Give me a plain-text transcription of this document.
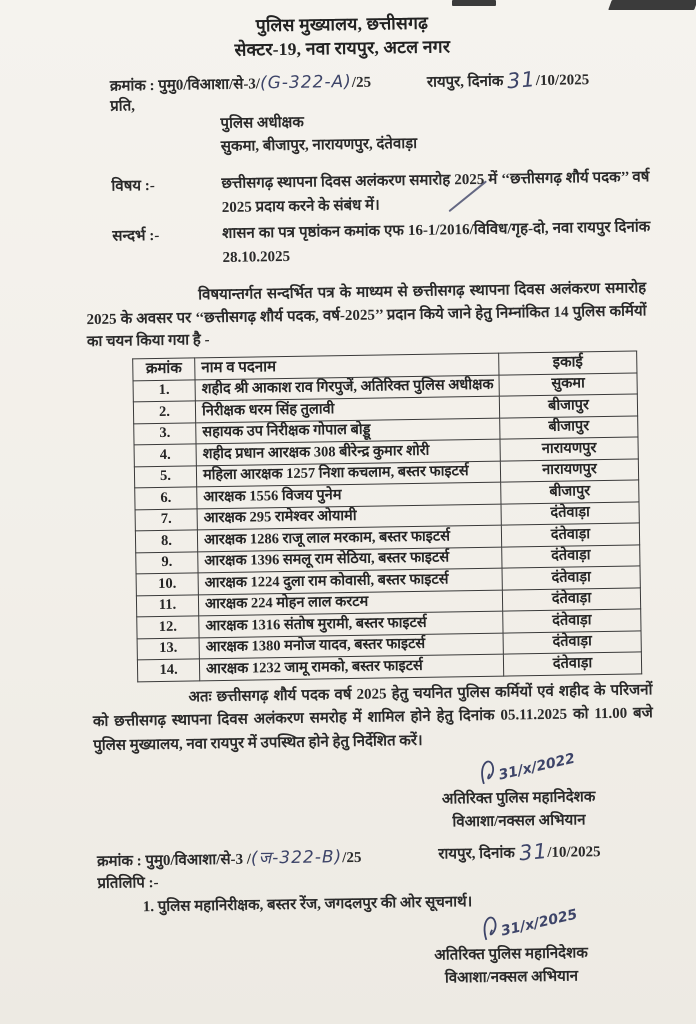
पुलिस मुख्यालय, छत्तीसगढ़
सेक्टर-19, नवा रायपुर, अटल नगर
क्रमांक : पुमु0/विआशा/से-3/(G-322-A)/25	रायपुर, दिनांक 31/10/2025
प्रति,
पुलिस अधीक्षक
सुकमा, बीजापुर, नारायणपुर, दंतेवाड़ा
विषय :-	छत्तीसगढ़ स्थापना दिवस अलंकरण समारोह 2025 में ‘‘छत्तीसगढ़ शौर्य पदक’’ वर्ष 2025 प्रदाय करने के संबंध में।
सन्दर्भ :-	शासन का पत्र पृष्ठांकन कमांक एफ 16-1/2016/विविध/गृह-दो, नवा रायपुर दिनांक 28.10.2025
विषयान्तर्गत सन्दर्भित पत्र के माध्यम से छत्तीसगढ़ स्थापना दिवस अलंकरण समारोह 2025 के अवसर पर ‘‘छत्तीसगढ़ शौर्य पदक, वर्ष-2025’’ प्रदान किये जाने हेतु निम्नांकित 14 पुलिस कर्मियों का चयन किया गया है -
क्रमांक	नाम व पदनाम	इकाई
1.	शहीद श्री आकाश राव गिरपुजें, अतिरिक्त पुलिस अधीक्षक	सुकमा
2.	निरीक्षक धरम सिंह तुलावी	बीजापुर
3.	सहायक उप निरीक्षक गोपाल बोड्डू	बीजापुर
4.	शहीद प्रधान आरक्षक 308 बीरेन्द्र कुमार शोरी	नारायणपुर
5.	महिला आरक्षक 1257 निशा कचलाम, बस्तर फाइटर्स	नारायणपुर
6.	आरक्षक 1556 विजय पुनेम	बीजापुर
7.	आरक्षक 295 रामेश्वर ओयामी	दंतेवाड़ा
8.	आरक्षक 1286 राजू लाल मरकाम, बस्तर फाइटर्स	दंतेवाड़ा
9.	आरक्षक 1396 समलू राम सेठिया, बस्तर फाइटर्स	दंतेवाड़ा
10.	आरक्षक 1224 दुला राम कोवासी, बस्तर फाइटर्स	दंतेवाड़ा
11.	आरक्षक 224 मोहन लाल करटम	दंतेवाड़ा
12.	आरक्षक 1316 संतोष मुरामी, बस्तर फाइटर्स	दंतेवाड़ा
13.	आरक्षक 1380 मनोज यादव, बस्तर फाइटर्स	दंतेवाड़ा
14.	आरक्षक 1232 जामू रामको, बस्तर फाइटर्स	दंतेवाड़ा
अतः छत्तीसगढ़ शौर्य पदक वर्ष 2025 हेतु चयनित पुलिस कर्मियों एवं शहीद के परिजनों को छत्तीसगढ़ स्थापना दिवस अलंकरण समरोह में शामिल होने हेतु दिनांक 05.11.2025 को 11.00 बजे पुलिस मुख्यालय, नवा रायपुर में उपस्थित होने हेतु निर्देशित करें।
31/x/2022
अतिरिक्त पुलिस महानिदेशक
विआशा/नक्सल अभियान
रायपुर, दिनांक 31/10/2025
क्रमांक : पुमु0/विआशा/से-3 /(ज-322-B)/25
प्रतिलिपि :-
1. पुलिस महानिरीक्षक, बस्तर रेंज, जगदलपुर की ओर सूचनार्थ।
31/x/2025
अतिरिक्त पुलिस महानिदेशक
विआशा/नक्सल अभियान
